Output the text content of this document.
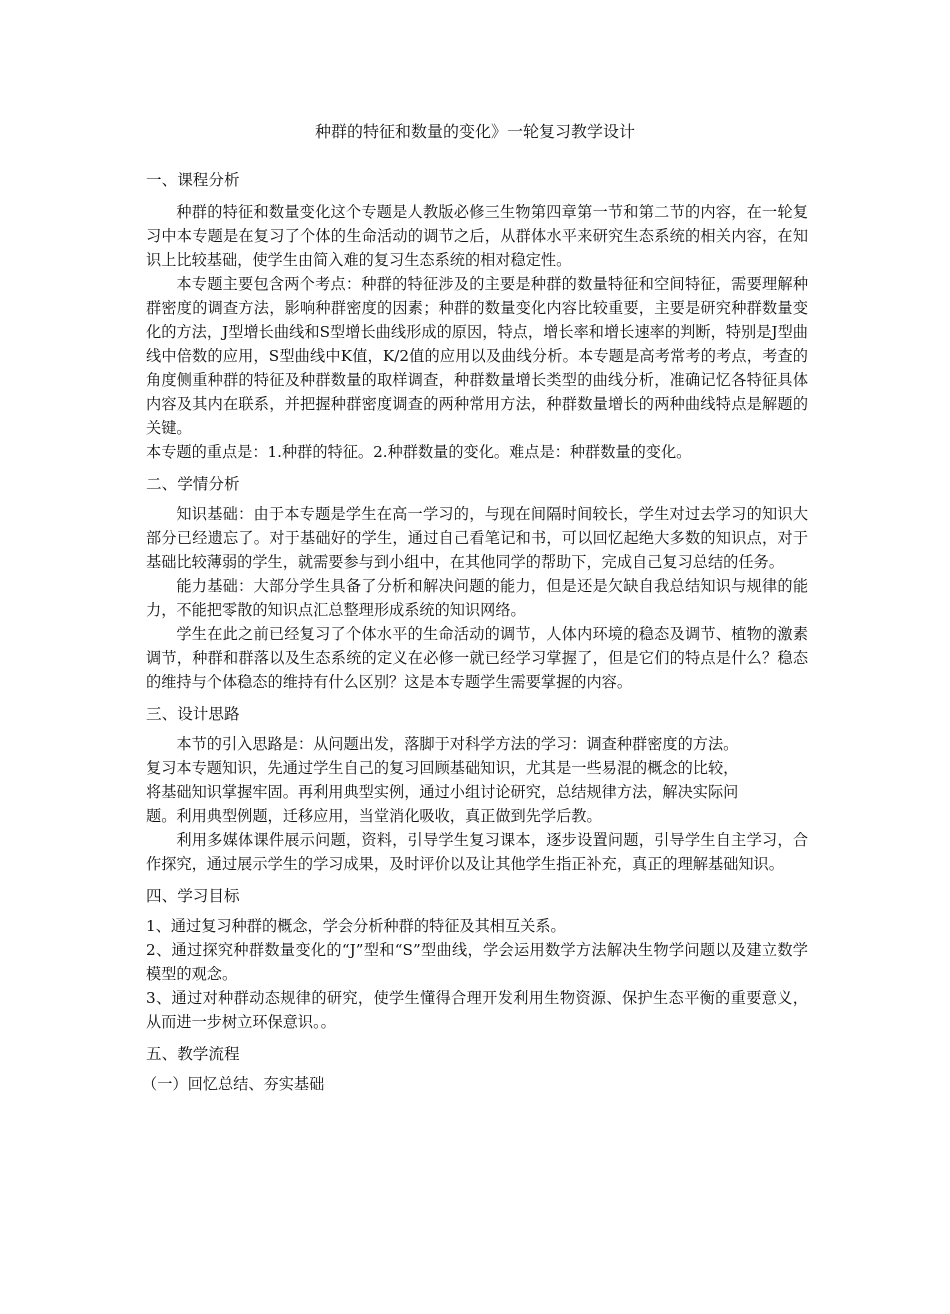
种群的特征和数量的变化》一轮复习教学设计
一、课程分析

种群的特征和数量变化这个专题是人教版必修三生物第四章第一节和第二节的内容，在一轮复习中本专题是在复习了个体的生命活动的调节之后，从群体水平来研究生态系统的相关内容，在知识上比较基础，使学生由简入难的复习生态系统的相对稳定性。

本专题主要包含两个考点：种群的特征涉及的主要是种群的数量特征和空间特征，需要理解种群密度的调查方法，影响种群密度的因素；种群的数量变化内容比较重要，主要是研究种群数量变化的方法，J型增长曲线和S型增长曲线形成的原因，特点，增长率和增长速率的判断，特别是J型曲线中倍数的应用，S型曲线中K值，K/2值的应用以及曲线分析。本专题是高考常考的考点，考查的角度侧重种群的特征及种群数量的取样调查，种群数量增长类型的曲线分析，准确记忆各特征具体内容及其内在联系，并把握种群密度调查的两种常用方法，种群数量增长的两种曲线特点是解题的关键。

本专题的重点是：1.种群的特征。2.种群数量的变化。难点是：种群数量的变化。

二、学情分析

知识基础：由于本专题是学生在高一学习的，与现在间隔时间较长，学生对过去学习的知识大部分已经遗忘了。对于基础好的学生，通过自己看笔记和书，可以回忆起绝大多数的知识点，对于基础比较薄弱的学生，就需要参与到小组中，在其他同学的帮助下，完成自己复习总结的任务。

能力基础：大部分学生具备了分析和解决问题的能力，但是还是欠缺自我总结知识与规律的能力，不能把零散的知识点汇总整理形成系统的知识网络。

学生在此之前已经复习了个体水平的生命活动的调节，人体内环境的稳态及调节、植物的激素调节，种群和群落以及生态系统的定义在必修一就已经学习掌握了，但是它们的特点是什么？稳态的维持与个体稳态的维持有什么区别？这是本专题学生需要掌握的内容。

三、设计思路

本节的引入思路是：从问题出发，落脚于对科学方法的学习：调查种群密度的方法。

复习本专题知识，先通过学生自己的复习回顾基础知识，尤其是一些易混的概念的比较，

将基础知识掌握牢固。再利用典型实例，通过小组讨论研究，总结规律方法，解决实际问

题。利用典型例题，迁移应用，当堂消化吸收，真正做到先学后教。

利用多媒体课件展示问题，资料，引导学生复习课本，逐步设置问题，引导学生自主学习，合作探究，通过展示学生的学习成果，及时评价以及让其他学生指正补充，真正的理解基础知识。

四、学习目标

1、通过复习种群的概念，学会分析种群的特征及其相互关系。

2、通过探究种群数量变化的“J”型和“S”型曲线，学会运用数学方法解决生物学问题以及建立数学模型的观念。

3、通过对种群动态规律的研究，使学生懂得合理开发利用生物资源、保护生态平衡的重要意义，从而进一步树立环保意识。。

五、教学流程
（一）回忆总结、夯实基础
